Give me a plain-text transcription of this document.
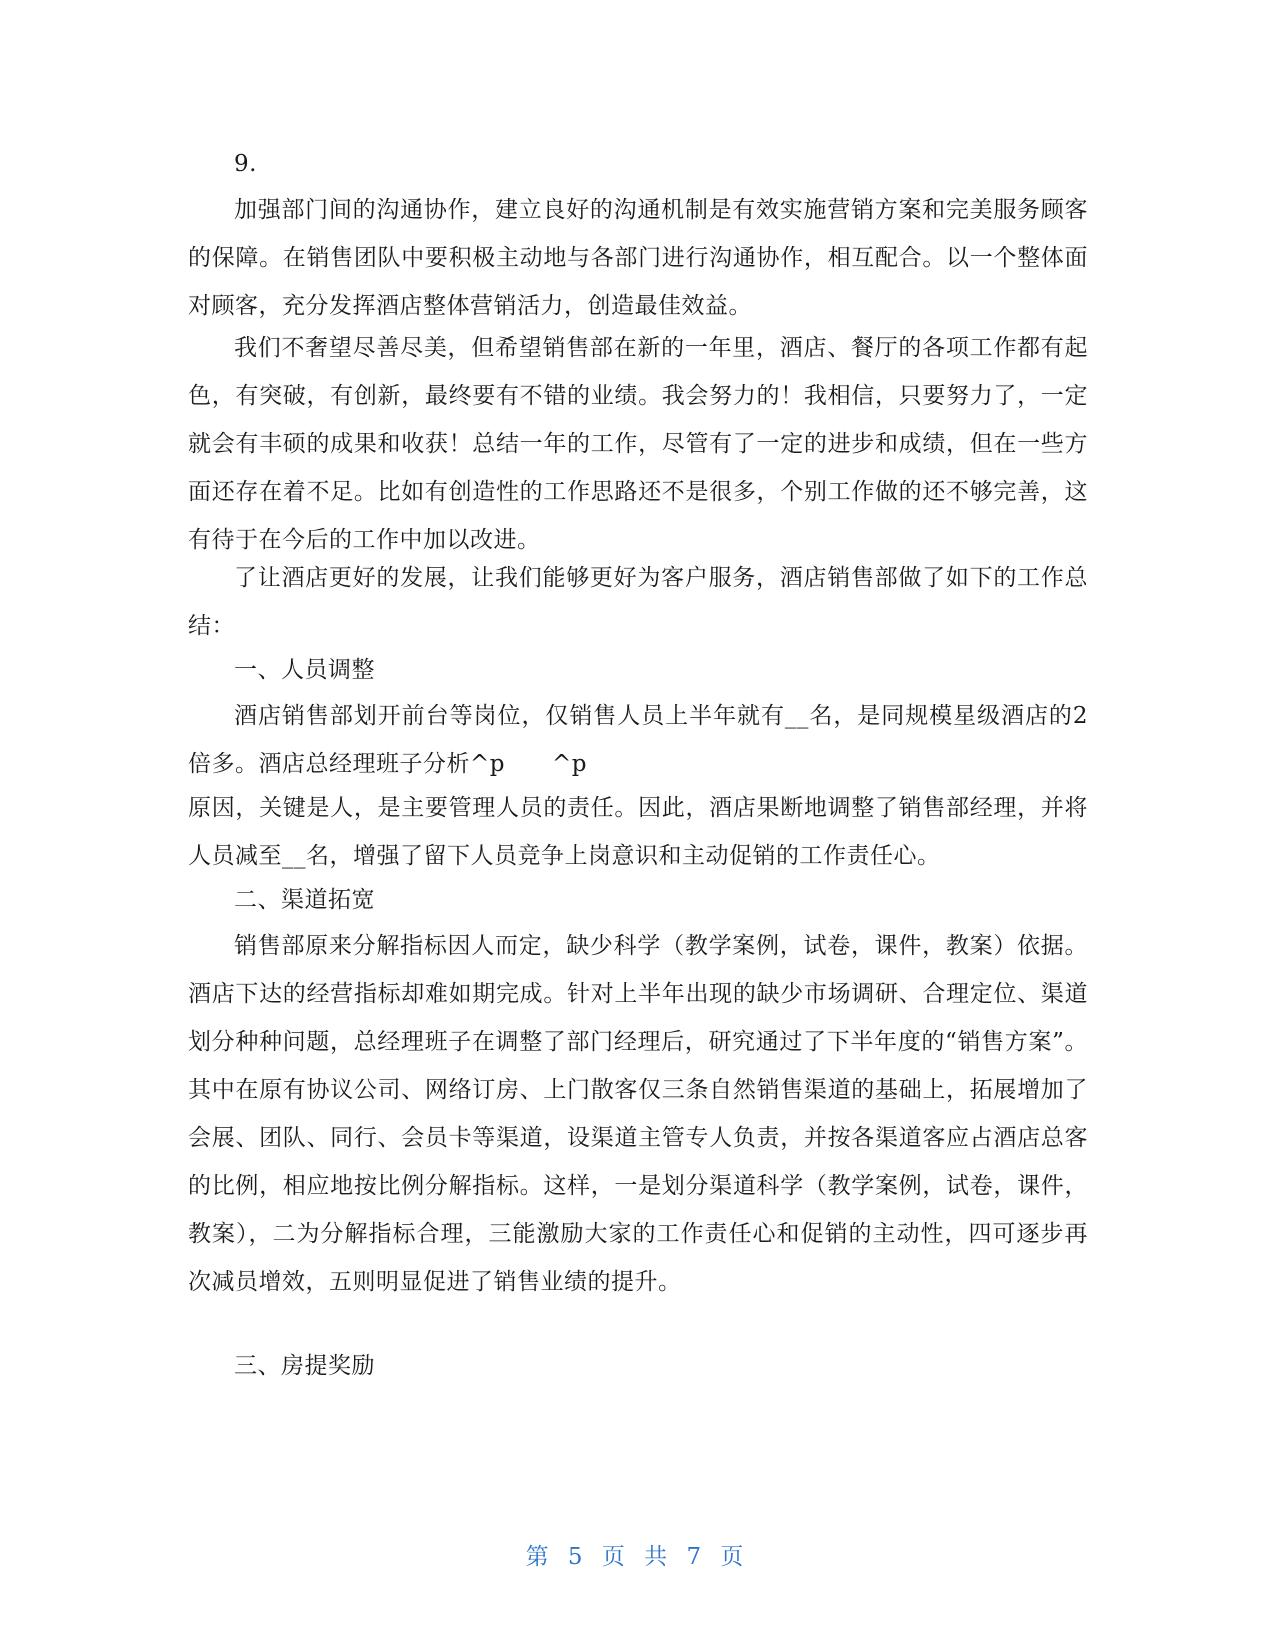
9.

加强部门间的沟通协作，建立良好的沟通机制是有效实施营销方案和完美服务顾客的保障。在销售团队中要积极主动地与各部门进行沟通协作，相互配合。以一个整体面对顾客，充分发挥酒店整体营销活力，创造最佳效益。

我们不奢望尽善尽美，但希望销售部在新的一年里，酒店、餐厅的各项工作都有起色，有突破，有创新，最终要有不错的业绩。我会努力的！我相信，只要努力了，一定就会有丰硕的成果和收获！总结一年的工作，尽管有了一定的进步和成绩，但在一些方面还存在着不足。比如有创造性的工作思路还不是很多，个别工作做的还不够完善，这有待于在今后的工作中加以改进。

了让酒店更好的发展，让我们能够更好为客户服务，酒店销售部做了如下的工作总结：

一、人员调整

酒店销售部划开前台等岗位，仅销售人员上半年就有__名，是同规模星级酒店的2倍多。酒店总经理班子分析^p　　^p

原因，关键是人，是主要管理人员的责任。因此，酒店果断地调整了销售部经理，并将人员减至__名，增强了留下人员竞争上岗意识和主动促销的工作责任心。

二、渠道拓宽

销售部原来分解指标因人而定，缺少科学（教学案例，试卷，课件，教案）依据。酒店下达的经营指标却难如期完成。针对上半年出现的缺少市场调研、合理定位、渠道划分种种问题，总经理班子在调整了部门经理后，研究通过了下半年度的“销售方案”。其中在原有协议公司、网络订房、上门散客仅三条自然销售渠道的基础上，拓展增加了会展、团队、同行、会员卡等渠道，设渠道主管专人负责，并按各渠道客应占酒店总客的比例，相应地按比例分解指标。这样，一是划分渠道科学（教学案例，试卷，课件，教案），二为分解指标合理，三能激励大家的工作责任心和促销的主动性，四可逐步再次减员增效，五则明显促进了销售业绩的提升。

三、房提奖励

第 5 页 共 7 页
